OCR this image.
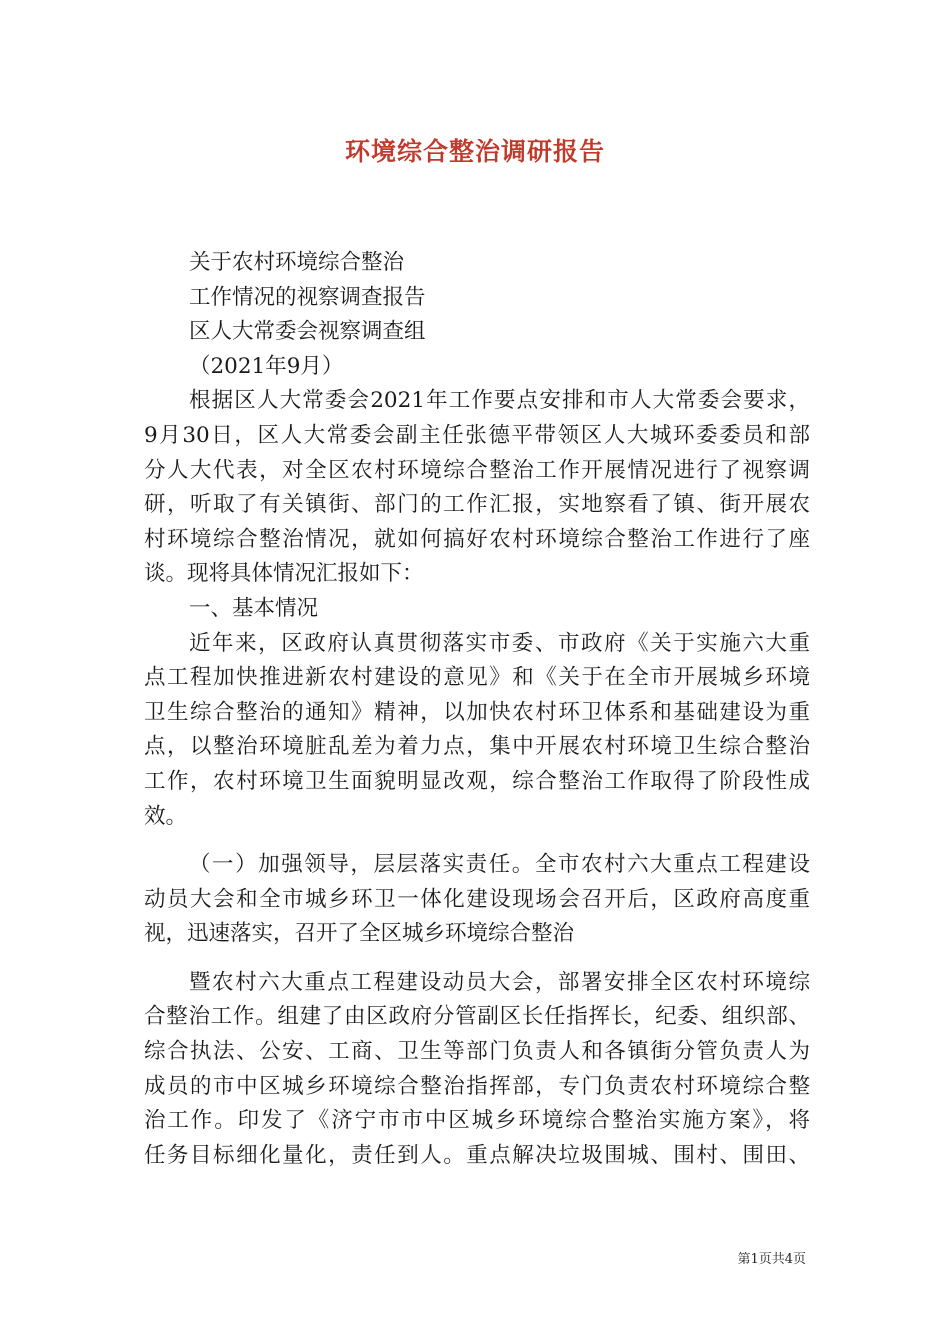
环境综合整治调研报告
关于农村环境综合整治
工作情况的视察调查报告
区人大常委会视察调查组
（2021年9月）
根据区人大常委会2021年工作要点安排和市人大常委会要求，
9月30日，区人大常委会副主任张德平带领区人大城环委委员和部
分人大代表，对全区农村环境综合整治工作开展情况进行了视察调
研，听取了有关镇街、部门的工作汇报，实地察看了镇、街开展农
村环境综合整治情况，就如何搞好农村环境综合整治工作进行了座
谈。现将具体情况汇报如下：
一、基本情况
近年来，区政府认真贯彻落实市委、市政府《关于实施六大重
点工程加快推进新农村建设的意见》和《关于在全市开展城乡环境
卫生综合整治的通知》精神，以加快农村环卫体系和基础建设为重
点，以整治环境脏乱差为着力点，集中开展农村环境卫生综合整治
工作，农村环境卫生面貌明显改观，综合整治工作取得了阶段性成
效。
（一）加强领导，层层落实责任。全市农村六大重点工程建设
动员大会和全市城乡环卫一体化建设现场会召开后，区政府高度重
视，迅速落实，召开了全区城乡环境综合整治
暨农村六大重点工程建设动员大会，部署安排全区农村环境综
合整治工作。组建了由区政府分管副区长任指挥长，纪委、组织部、
综合执法、公安、工商、卫生等部门负责人和各镇街分管负责人为
成员的市中区城乡环境综合整治指挥部，专门负责农村环境综合整
治工作。印发了《济宁市市中区城乡环境综合整治实施方案》，将
任务目标细化量化，责任到人。重点解决垃圾围城、围村、围田、
第1页共4页
